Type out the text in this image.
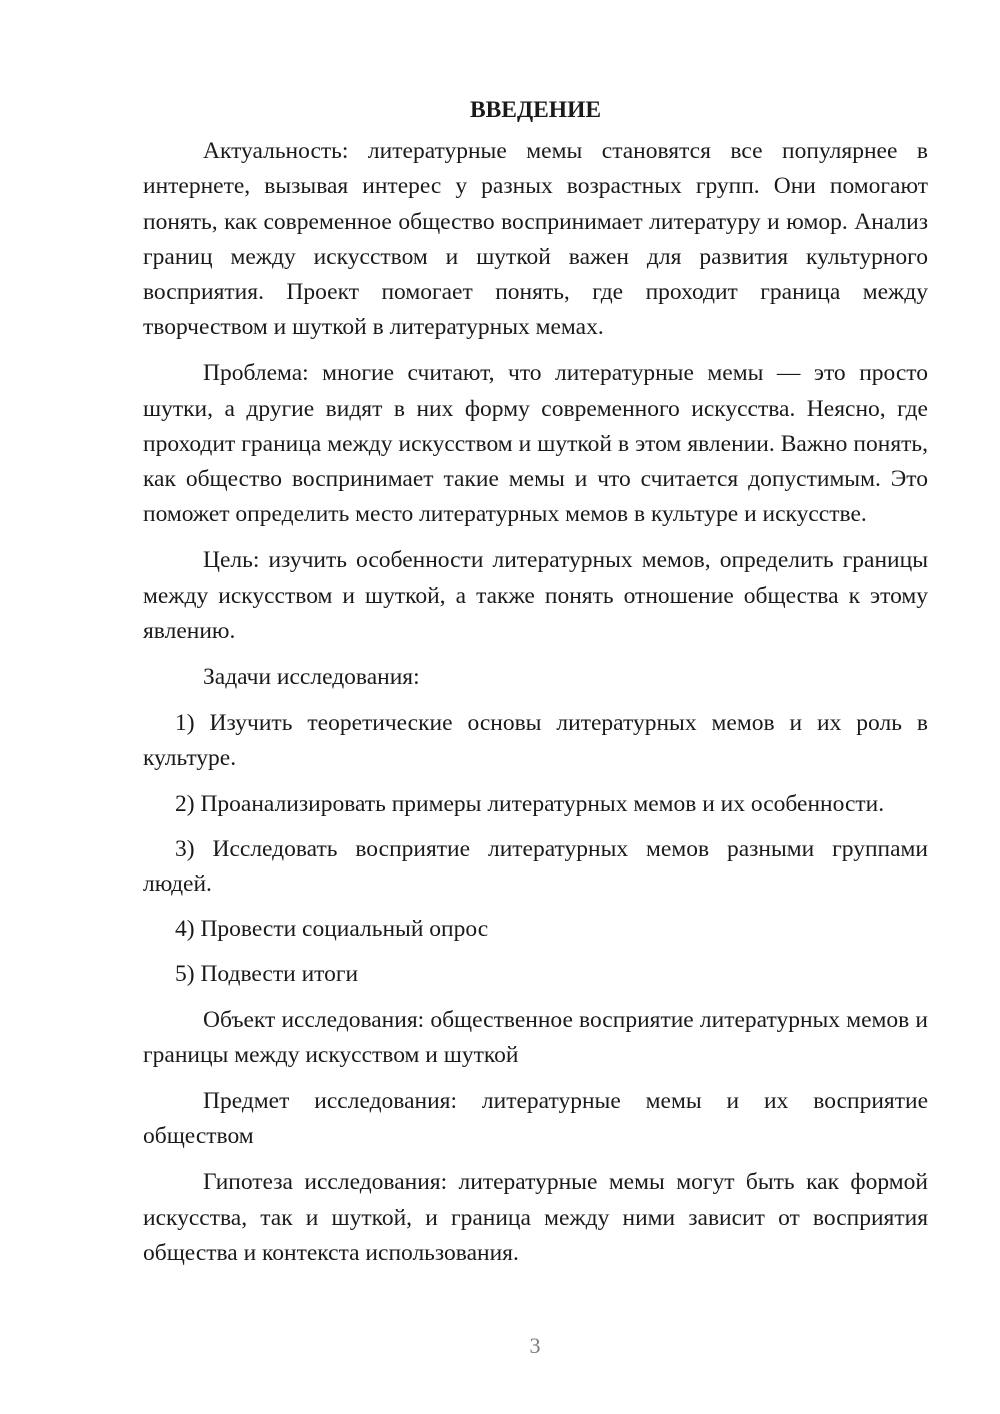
ВВЕДЕНИЕ

Актуальность: литературные мемы становятся все популярнее в интернете, вызывая интерес у разных возрастных групп. Они помогают понять, как современное общество воспринимает литературу и юмор. Анализ границ между искусством и шуткой важен для развития культурного восприятия. Проект помогает понять, где проходит граница между творчеством и шуткой в литературных мемах.

Проблема: многие считают, что литературные мемы — это просто шутки, а другие видят в них форму современного искусства. Неясно, где проходит граница между искусством и шуткой в этом явлении. Важно понять, как общество воспринимает такие мемы и что считается допустимым. Это поможет определить место литературных мемов в культуре и искусстве.

Цель: изучить особенности литературных мемов, определить границы между искусством и шуткой, а также понять отношение общества к этому явлению.

Задачи исследования:

1) Изучить теоретические основы литературных мемов и их роль в культуре.

2) Проанализировать примеры литературных мемов и их особенности.

3) Исследовать восприятие литературных мемов разными группами людей.

4) Провести социальный опрос

5) Подвести итоги

Объект исследования: общественное восприятие литературных мемов и границы между искусством и шуткой

Предмет исследования: литературные мемы и их восприятие обществом

Гипотеза исследования: литературные мемы могут быть как формой искусства, так и шуткой, и граница между ними зависит от восприятия общества и контекста использования.

3
